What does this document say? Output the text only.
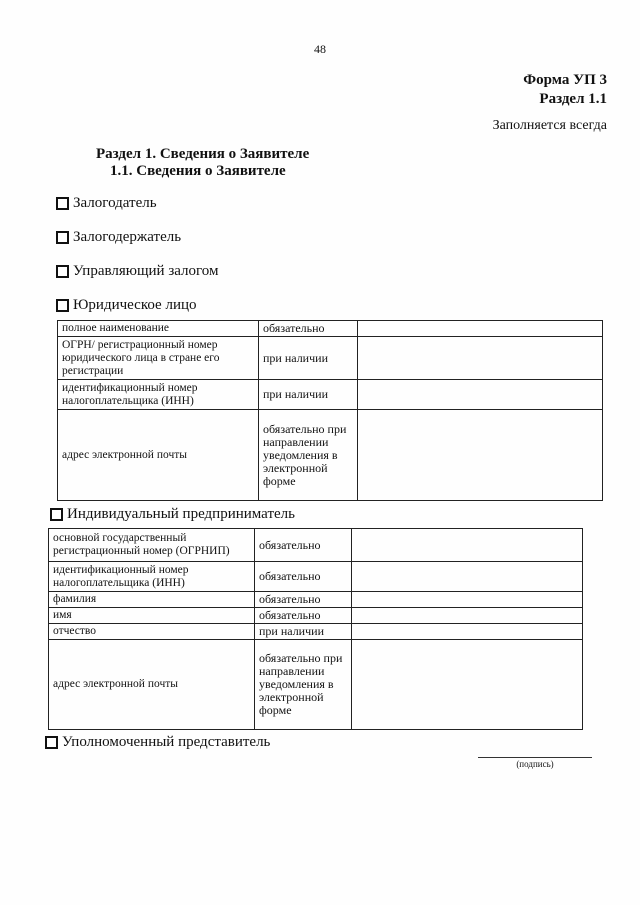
48
Форма УП 3
Раздел 1.1
Заполняется всегда
Раздел 1. Сведения о Заявителе
1.1. Сведения о Заявителе
Залогодатель
Залогодержатель
Управляющий залогом
Юридическое лицо
полное наименование	обязательно	
ОГРН/ регистрационный номер юридического лица в стране его регистрации	при наличии	
идентификационный номер налогоплательщика (ИНН)	при наличии	
адрес электронной почты	обязательно при направлении уведомления в электронной форме	
Индивидуальный предприниматель
основной государственный регистрационный номер (ОГРНИП)	обязательно	
идентификационный номер налогоплательщика (ИНН)	обязательно	
фамилия	обязательно	
имя	обязательно	
отчество	при наличии	
адрес электронной почты	обязательно при направлении уведомления в электронной форме	
Уполномоченный представитель
(подпись)
